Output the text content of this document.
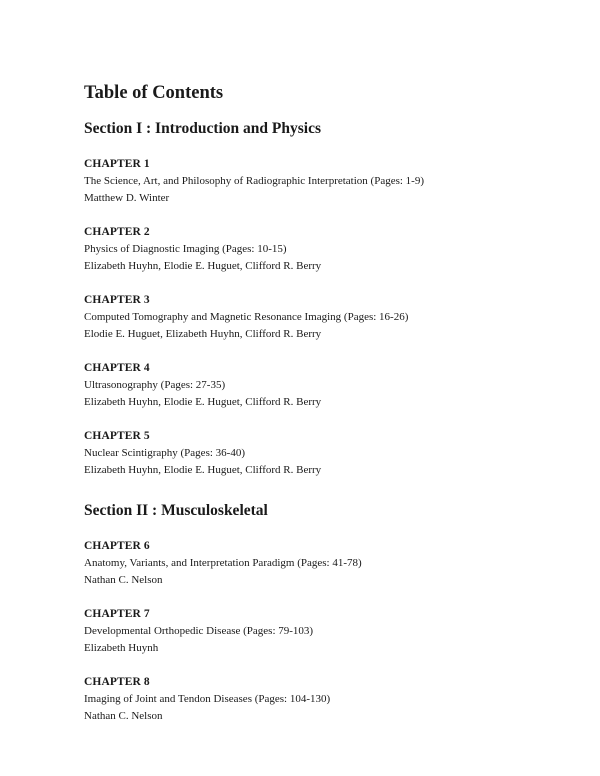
Table of Contents
Section I : Introduction and Physics

CHAPTER 1

The Science, Art, and Philosophy of Radiographic Interpretation (Pages: 1-9)

Matthew D. Winter

CHAPTER 2

Physics of Diagnostic Imaging (Pages: 10-15)

Elizabeth Huyhn, Elodie E. Huguet, Clifford R. Berry

CHAPTER 3

Computed Tomography and Magnetic Resonance Imaging (Pages: 16-26)

Elodie E. Huguet, Elizabeth Huyhn, Clifford R. Berry

CHAPTER 4

Ultrasonography (Pages: 27-35)

Elizabeth Huyhn, Elodie E. Huguet, Clifford R. Berry

CHAPTER 5

Nuclear Scintigraphy (Pages: 36-40)

Elizabeth Huyhn, Elodie E. Huguet, Clifford R. Berry

Section II : Musculoskeletal

CHAPTER 6

Anatomy, Variants, and Interpretation Paradigm (Pages: 41-78)

Nathan C. Nelson

CHAPTER 7

Developmental Orthopedic Disease (Pages: 79-103)

Elizabeth Huynh

CHAPTER 8

Imaging of Joint and Tendon Diseases (Pages: 104-130)

Nathan C. Nelson
